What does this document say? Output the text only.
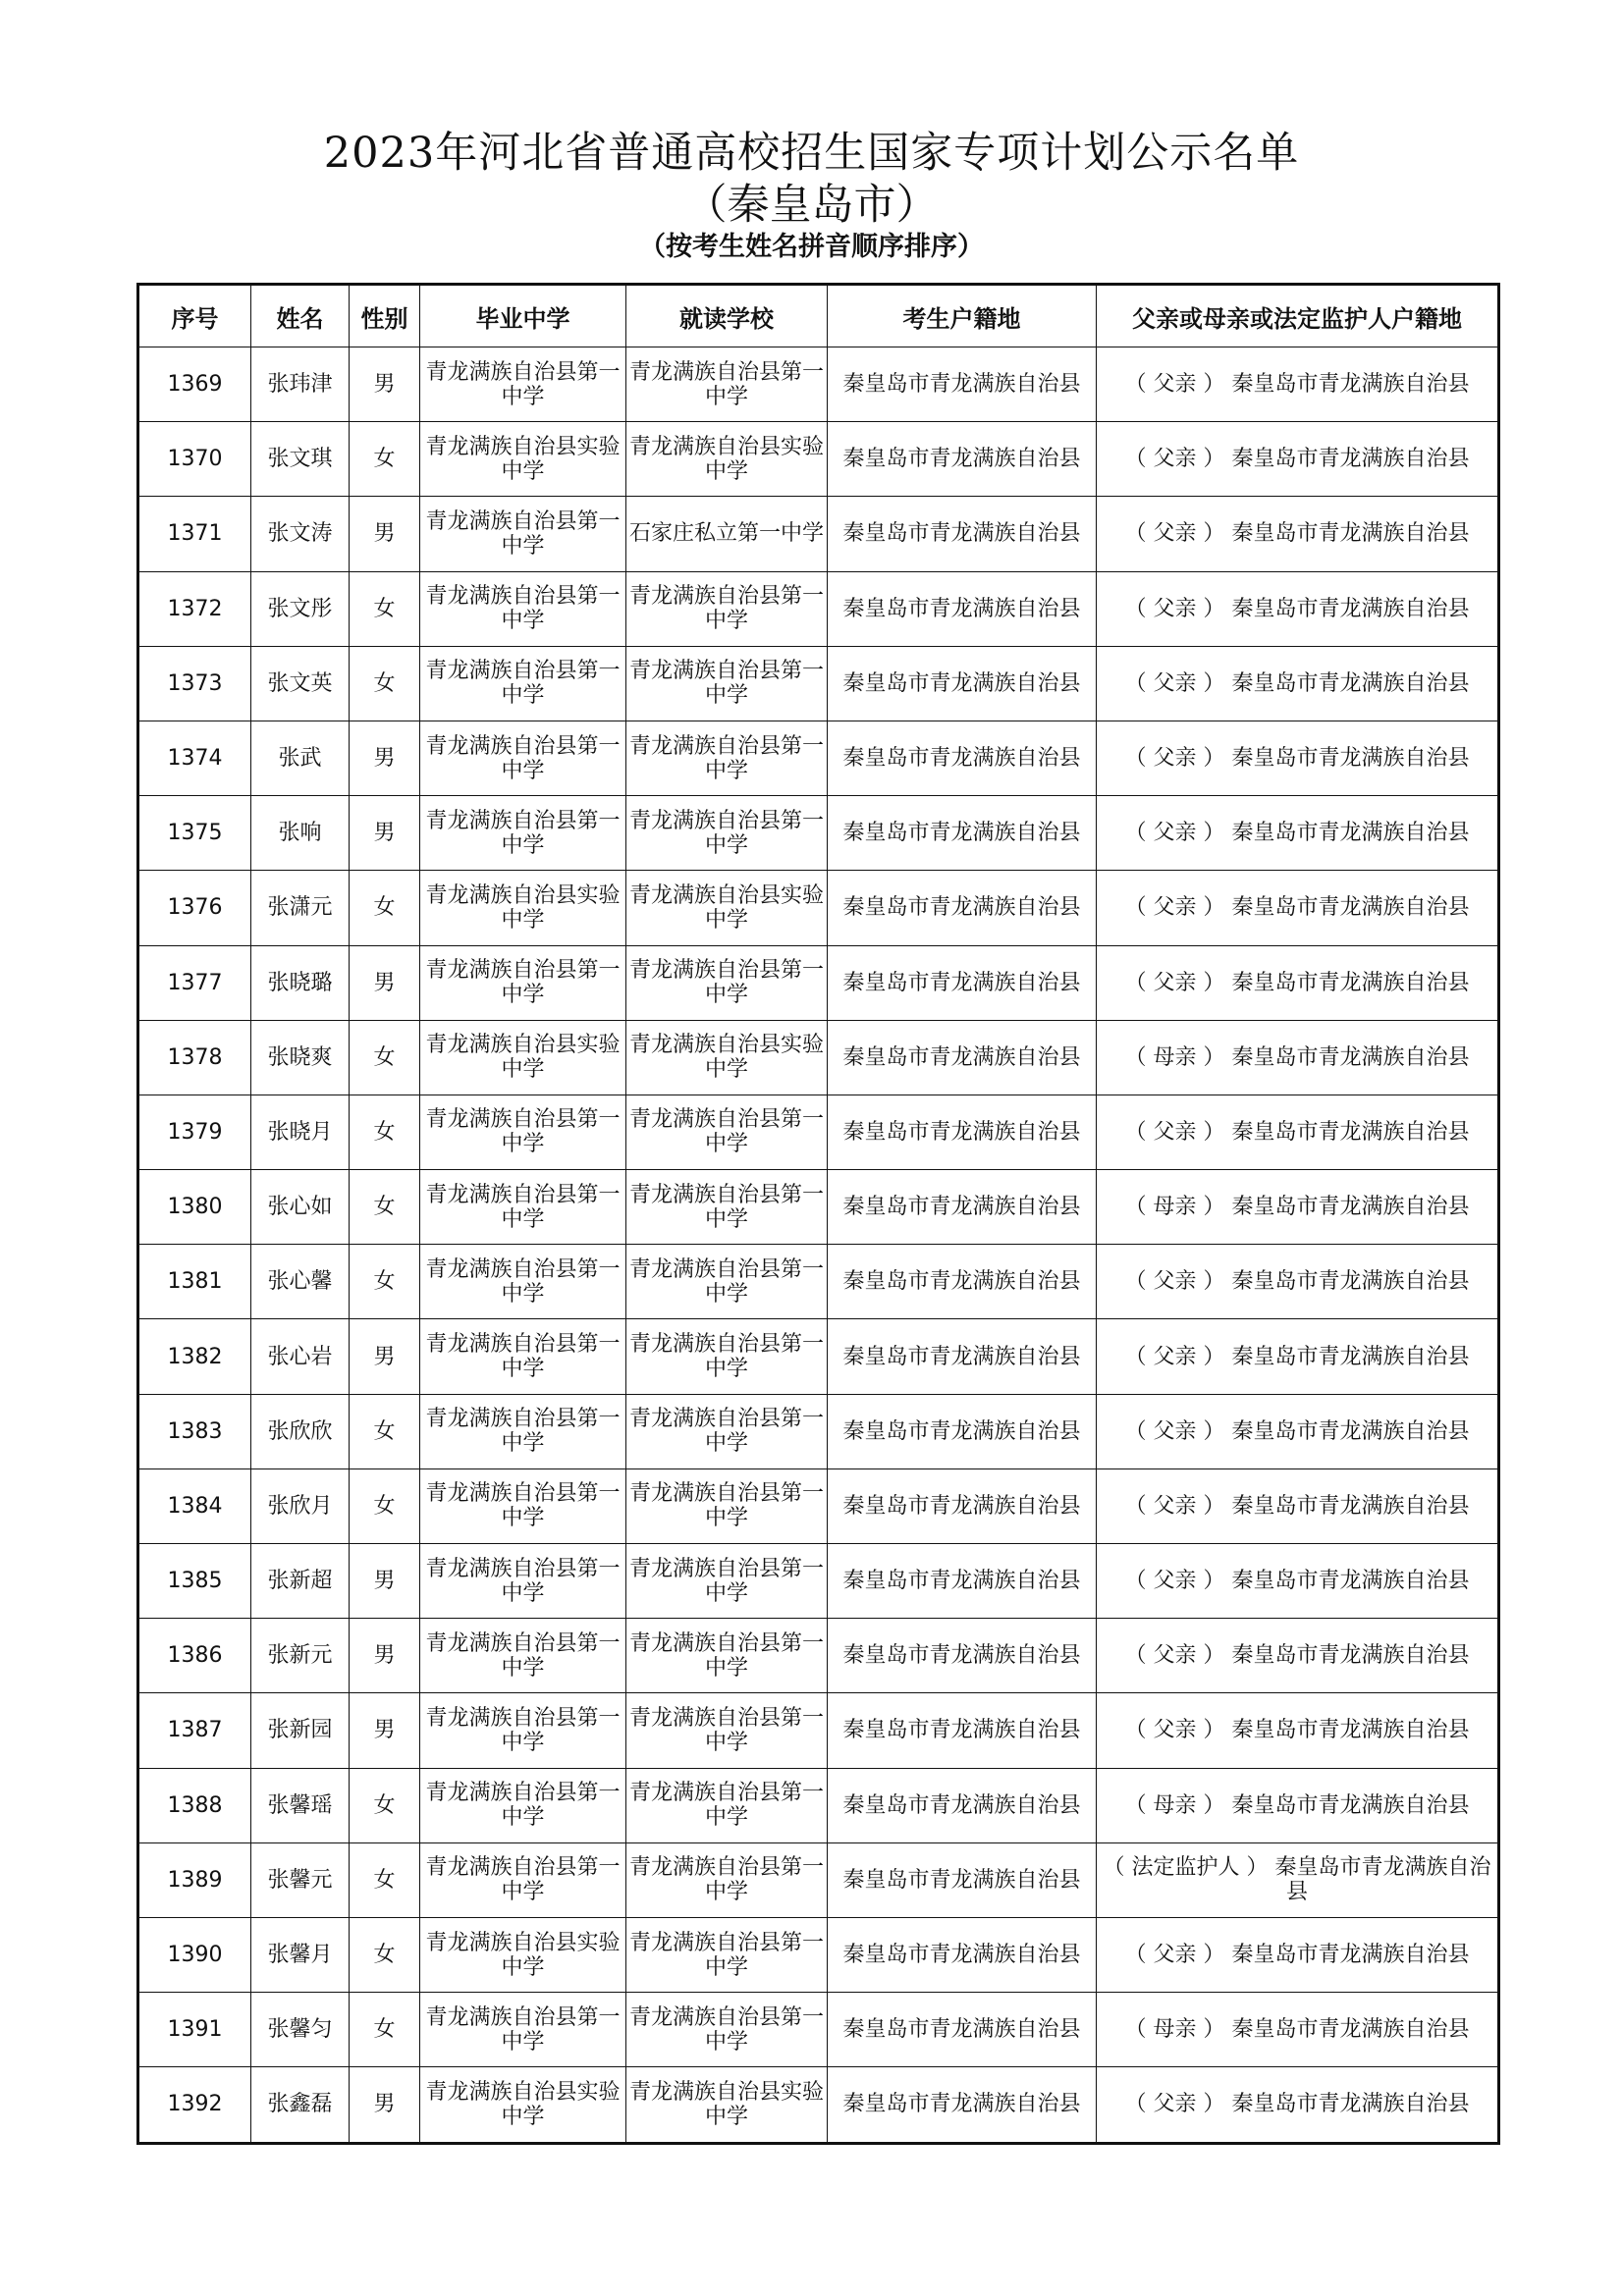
2023年河北省普通高校招生国家专项计划公示名单
（秦皇岛市）
（按考生姓名拼音顺序排序）
序号	姓名	性别	毕业中学	就读学校	考生户籍地	父亲或母亲或法定监护人户籍地

1369	张玮津	男	青龙满族自治县第一中学	青龙满族自治县第一中学	秦皇岛市青龙满族自治县	（ 父亲 ） 秦皇岛市青龙满族自治县

1370	张文琪	女	青龙满族自治县实验中学	青龙满族自治县实验中学	秦皇岛市青龙满族自治县	（ 父亲 ） 秦皇岛市青龙满族自治县

1371	张文涛	男	青龙满族自治县第一中学	石家庄私立第一中学	秦皇岛市青龙满族自治县	（ 父亲 ） 秦皇岛市青龙满族自治县

1372	张文彤	女	青龙满族自治县第一中学	青龙满族自治县第一中学	秦皇岛市青龙满族自治县	（ 父亲 ） 秦皇岛市青龙满族自治县

1373	张文英	女	青龙满族自治县第一中学	青龙满族自治县第一中学	秦皇岛市青龙满族自治县	（ 父亲 ） 秦皇岛市青龙满族自治县

1374	张武	男	青龙满族自治县第一中学	青龙满族自治县第一中学	秦皇岛市青龙满族自治县	（ 父亲 ） 秦皇岛市青龙满族自治县

1375	张响	男	青龙满族自治县第一中学	青龙满族自治县第一中学	秦皇岛市青龙满族自治县	（ 父亲 ） 秦皇岛市青龙满族自治县

1376	张潇元	女	青龙满族自治县实验中学	青龙满族自治县实验中学	秦皇岛市青龙满族自治县	（ 父亲 ） 秦皇岛市青龙满族自治县

1377	张晓璐	男	青龙满族自治县第一中学	青龙满族自治县第一中学	秦皇岛市青龙满族自治县	（ 父亲 ） 秦皇岛市青龙满族自治县

1378	张晓爽	女	青龙满族自治县实验中学	青龙满族自治县实验中学	秦皇岛市青龙满族自治县	（ 母亲 ） 秦皇岛市青龙满族自治县

1379	张晓月	女	青龙满族自治县第一中学	青龙满族自治县第一中学	秦皇岛市青龙满族自治县	（ 父亲 ） 秦皇岛市青龙满族自治县

1380	张心如	女	青龙满族自治县第一中学	青龙满族自治县第一中学	秦皇岛市青龙满族自治县	（ 母亲 ） 秦皇岛市青龙满族自治县

1381	张心馨	女	青龙满族自治县第一中学	青龙满族自治县第一中学	秦皇岛市青龙满族自治县	（ 父亲 ） 秦皇岛市青龙满族自治县

1382	张心岩	男	青龙满族自治县第一中学	青龙满族自治县第一中学	秦皇岛市青龙满族自治县	（ 父亲 ） 秦皇岛市青龙满族自治县

1383	张欣欣	女	青龙满族自治县第一中学	青龙满族自治县第一中学	秦皇岛市青龙满族自治县	（ 父亲 ） 秦皇岛市青龙满族自治县

1384	张欣月	女	青龙满族自治县第一中学	青龙满族自治县第一中学	秦皇岛市青龙满族自治县	（ 父亲 ） 秦皇岛市青龙满族自治县

1385	张新超	男	青龙满族自治县第一中学	青龙满族自治县第一中学	秦皇岛市青龙满族自治县	（ 父亲 ） 秦皇岛市青龙满族自治县

1386	张新元	男	青龙满族自治县第一中学	青龙满族自治县第一中学	秦皇岛市青龙满族自治县	（ 父亲 ） 秦皇岛市青龙满族自治县

1387	张新园	男	青龙满族自治县第一中学	青龙满族自治县第一中学	秦皇岛市青龙满族自治县	（ 父亲 ） 秦皇岛市青龙满族自治县

1388	张馨瑶	女	青龙满族自治县第一中学	青龙满族自治县第一中学	秦皇岛市青龙满族自治县	（ 母亲 ） 秦皇岛市青龙满族自治县

1389	张馨元	女	青龙满族自治县第一中学	青龙满族自治县第一中学	秦皇岛市青龙满族自治县	（ 法定监护人 ） 秦皇岛市青龙满族自治县

1390	张馨月	女	青龙满族自治县实验中学	青龙满族自治县第一中学	秦皇岛市青龙满族自治县	（ 父亲 ） 秦皇岛市青龙满族自治县

1391	张馨匀	女	青龙满族自治县第一中学	青龙满族自治县第一中学	秦皇岛市青龙满族自治县	（ 母亲 ） 秦皇岛市青龙满族自治县

1392	张鑫磊	男	青龙满族自治县实验中学	青龙满族自治县实验中学	秦皇岛市青龙满族自治县	（ 父亲 ） 秦皇岛市青龙满族自治县
